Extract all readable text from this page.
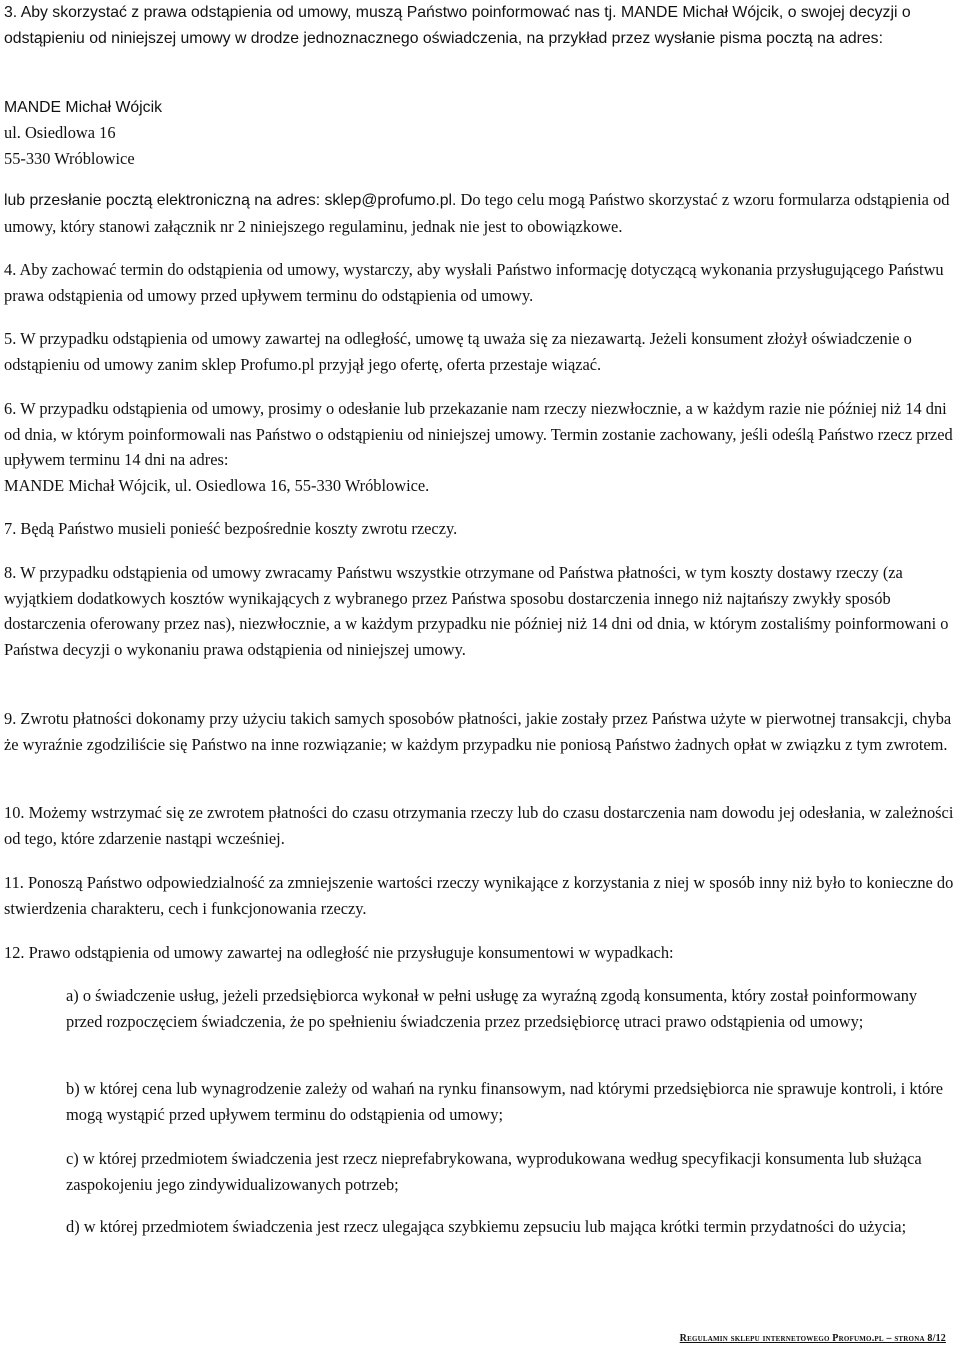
3. Aby skorzystać z prawa odstąpienia od umowy, muszą Państwo poinformować nas tj. MANDE Michał Wójcik, o swojej decyzji o odstąpieniu od niniejszej umowy w drodze jednoznacznego oświadczenia, na przykład przez wysłanie pisma pocztą na adres:

MANDE Michał Wójcik

ul. Osiedlowa 16

55-330 Wróblowice

lub przesłanie pocztą elektroniczną na adres: sklep@profumo.pl. Do tego celu mogą Państwo skorzystać z wzoru formularza odstąpienia od umowy, który stanowi załącznik nr 2 niniejszego regulaminu, jednak nie jest to obowiązkowe.

4. Aby zachować termin do odstąpienia od umowy, wystarczy, aby wysłali Państwo informację dotyczącą wykonania przysługującego Państwu prawa odstąpienia od umowy przed upływem terminu do odstąpienia od umowy.

5. W przypadku odstąpienia od umowy zawartej na odległość, umowę tą uważa się za niezawartą. Jeżeli konsument złożył oświadczenie o odstąpieniu od umowy zanim sklep Profumo.pl przyjął jego ofertę, oferta przestaje wiązać.

6. W przypadku odstąpienia od umowy, prosimy o odesłanie lub przekazanie nam rzeczy niezwłocznie, a w każdym razie nie później niż 14 dni od dnia, w którym poinformowali nas Państwo o odstąpieniu od niniejszej umowy. Termin zostanie zachowany, jeśli odeślą Państwo rzecz przed upływem terminu 14 dni na adres:

MANDE Michał Wójcik, ul. Osiedlowa 16, 55-330 Wróblowice.

7. Będą Państwo musieli ponieść bezpośrednie koszty zwrotu rzeczy.

8. W przypadku odstąpienia od umowy zwracamy Państwu wszystkie otrzymane od Państwa płatności, w tym koszty dostawy rzeczy (za wyjątkiem dodatkowych kosztów wynikających z wybranego przez Państwa sposobu dostarczenia innego niż najtańszy zwykły sposób dostarczenia oferowany przez nas), niezwłocznie, a w każdym przypadku nie później niż 14 dni od dnia, w którym zostaliśmy poinformowani o Państwa decyzji o wykonaniu prawa odstąpienia od niniejszej umowy.

9. Zwrotu płatności dokonamy przy użyciu takich samych sposobów płatności, jakie zostały przez Państwa użyte w pierwotnej transakcji, chyba że wyraźnie zgodziliście się Państwo na inne rozwiązanie; w każdym przypadku nie poniosą Państwo żadnych opłat w związku z tym zwrotem.

10. Możemy wstrzymać się ze zwrotem płatności do czasu otrzymania rzeczy lub do czasu dostarczenia nam dowodu jej odesłania, w zależności od tego, które zdarzenie nastąpi wcześniej.

11. Ponoszą Państwo odpowiedzialność za zmniejszenie wartości rzeczy wynikające z korzystania z niej w sposób inny niż było to konieczne do stwierdzenia charakteru, cech i funkcjonowania rzeczy.

12. Prawo odstąpienia od umowy zawartej na odległość nie przysługuje konsumentowi w wypadkach:

a) o świadczenie usług, jeżeli przedsiębiorca wykonał w pełni usługę za wyraźną zgodą konsumenta, który został poinformowany przed rozpoczęciem świadczenia, że po spełnieniu świadczenia przez przedsiębiorcę utraci prawo odstąpienia od umowy;

b) w której cena lub wynagrodzenie zależy od wahań na rynku finansowym, nad którymi przedsiębiorca nie sprawuje kontroli, i które mogą wystąpić przed upływem terminu do odstąpienia od umowy;

c) w której przedmiotem świadczenia jest rzecz nieprefabrykowana, wyprodukowana według specyfikacji konsumenta lub służąca zaspokojeniu jego zindywidualizowanych potrzeb;

d) w której przedmiotem świadczenia jest rzecz ulegająca szybkiemu zepsuciu lub mająca krótki termin przydatności do użycia;

Regulamin sklepu internetowego Profumo.pl – strona 8/12
